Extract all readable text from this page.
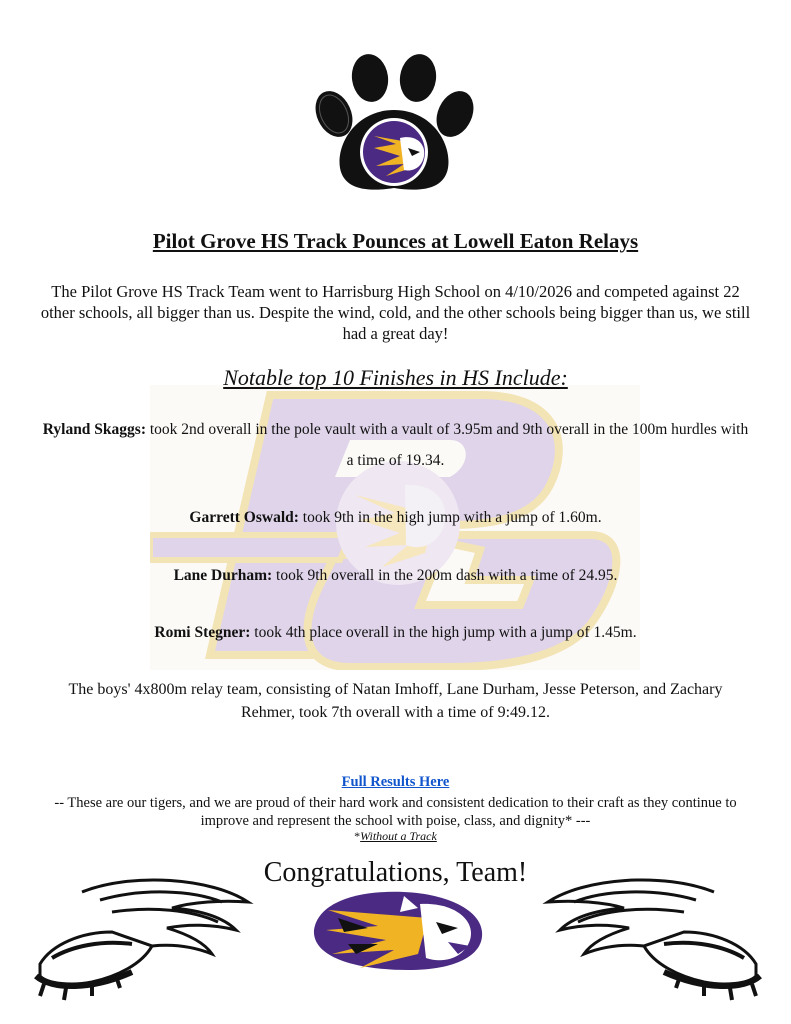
Pilot Grove HS Track Pounces at Lowell Eaton Relays
The Pilot Grove HS Track Team went to Harrisburg High School on 4/10/2026 and competed against 22 other schools, all bigger than us. Despite the wind, cold, and the other schools being bigger than us, we still had a great day!
Notable top 10 Finishes in HS Include:
Ryland Skaggs: took 2nd overall in the pole vault with a vault of 3.95m and 9th overall in the 100m hurdles with a time of 19.34.
Garrett Oswald: took 9th in the high jump with a jump of 1.60m.
Lane Durham: took 9th overall in the 200m dash with a time of 24.95.
Romi Stegner: took 4th place overall in the high jump with a jump of 1.45m.
The boys' 4x800m relay team, consisting of Natan Imhoff, Lane Durham, Jesse Peterson, and Zachary Rehmer, took 7th overall with a time of 9:49.12.
Full Results Here
-- These are our tigers, and we are proud of their hard work and consistent dedication to their craft as they continue to improve and represent the school with poise, class, and dignity* ---
*Without a Track
Congratulations, Team!
